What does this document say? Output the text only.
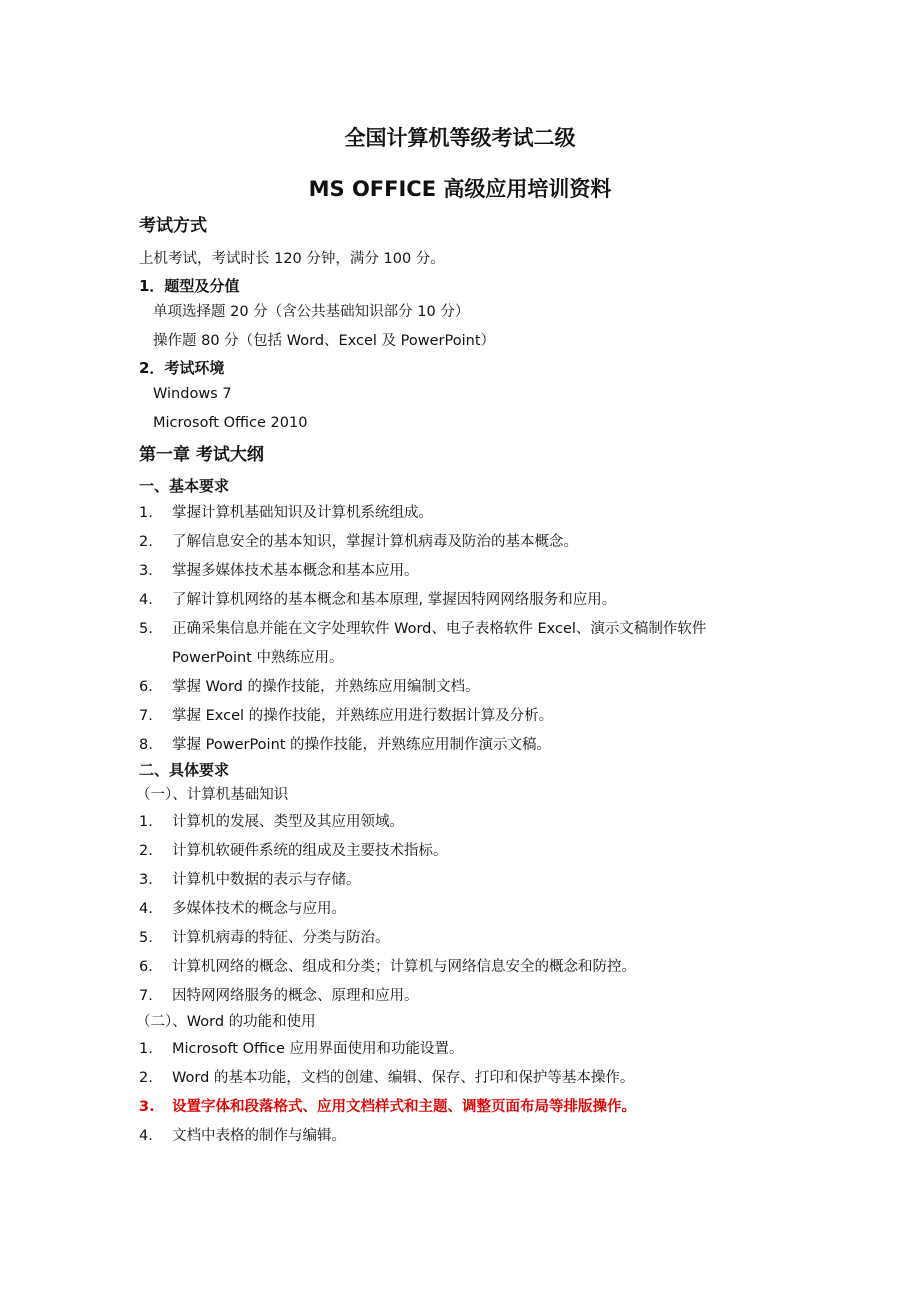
全国计算机等级考试二级
MS OFFICE 高级应用培训资料
考试方式
上机考试，考试时长 120 分钟，满分 100 分。
1．题型及分值
单项选择题 20 分（含公共基础知识部分 10 分）
操作题 80 分（包括 Word、Excel 及 PowerPoint）
2．考试环境
Windows 7
Microsoft Office 2010
第一章 考试大纲
一、基本要求
1. 掌握计算机基础知识及计算机系统组成。
2. 了解信息安全的基本知识，掌握计算机病毒及防治的基本概念。
3. 掌握多媒体技术基本概念和基本应用。
4. 了解计算机网络的基本概念和基本原理, 掌握因特网网络服务和应用。
5. 正确采集信息并能在文字处理软件 Word、电子表格软件 Excel、演示文稿制作软件
PowerPoint 中熟练应用。
6. 掌握 Word 的操作技能，并熟练应用编制文档。
7. 掌握 Excel 的操作技能，并熟练应用进行数据计算及分析。
8. 掌握 PowerPoint 的操作技能，并熟练应用制作演示文稿。
二、具体要求
（一）、计算机基础知识
1. 计算机的发展、类型及其应用领域。
2. 计算机软硬件系统的组成及主要技术指标。
3. 计算机中数据的表示与存储。
4. 多媒体技术的概念与应用。
5. 计算机病毒的特征、分类与防治。
6. 计算机网络的概念、组成和分类；计算机与网络信息安全的概念和防控。
7. 因特网网络服务的概念、原理和应用。
（二）、Word 的功能和使用
1. Microsoft Office 应用界面使用和功能设置。
2. Word 的基本功能，文档的创建、编辑、保存、打印和保护等基本操作。
3. 设置字体和段落格式、应用文档样式和主题、调整页面布局等排版操作。
4. 文档中表格的制作与编辑。
